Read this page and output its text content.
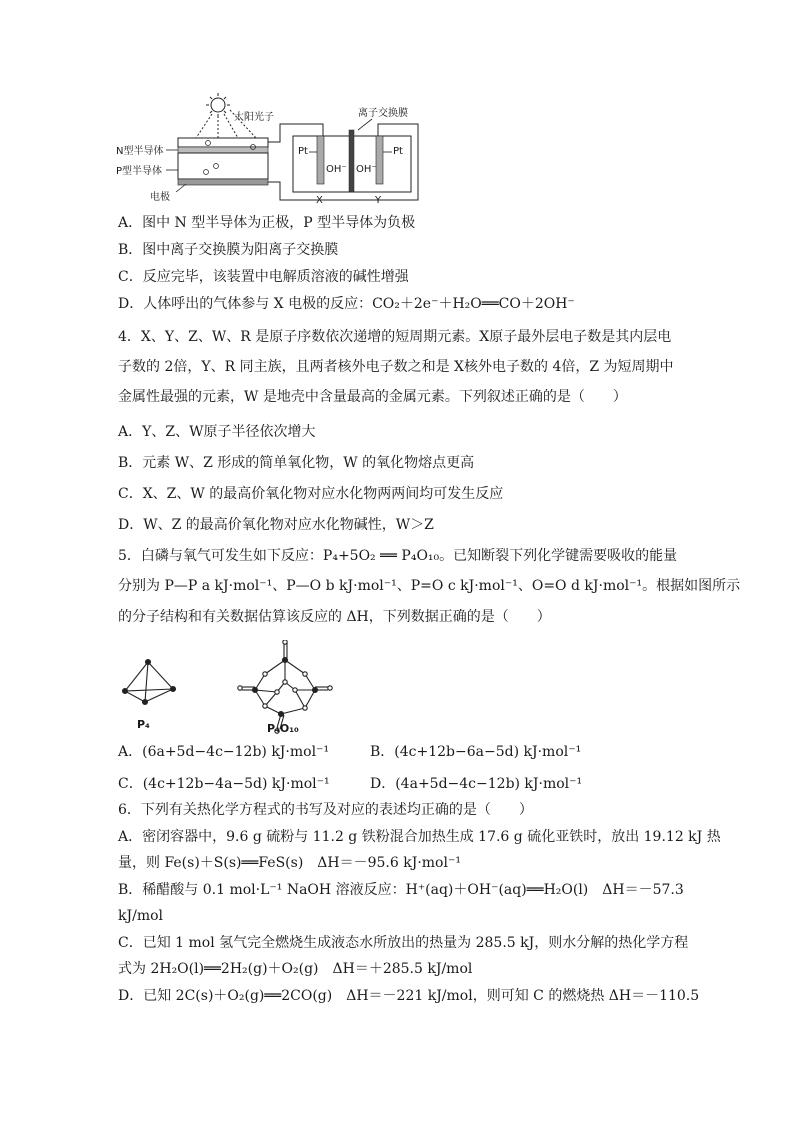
太阳光子	离子交换膜
N型半导体
P型半导体
电极
Pt	Pt
OH⁻ OH⁻
X	Y
A．图中 N 型半导体为正极，P 型半导体为负极
B．图中离子交换膜为阳离子交换膜
C．反应完毕，该装置中电解质溶液的碱性增强
D．人体呼出的气体参与 X 电极的反应：CO₂＋2e⁻＋H₂O══CO＋2OH⁻
4．X、Y、Z、W、R 是原子序数依次递增的短周期元素。X原子最外层电子数是其内层电
子数的 2倍，Y、R 同主族，且两者核外电子数之和是 X核外电子数的 4倍，Z 为短周期中
金属性最强的元素，W 是地壳中含量最高的金属元素。下列叙述正确的是（　　）
A．Y、Z、W原子半径依次增大
B．元素 W、Z 形成的简单氧化物，W 的氧化物熔点更高
C．X、Z、W 的最高价氧化物对应水化物两两间均可发生反应
D．W、Z 的最高价氧化物对应水化物碱性，W＞Z
5．白磷与氧气可发生如下反应：P₄+5O₂ ══ P₄O₁₀。已知断裂下列化学键需要吸收的能量
分别为 P—P a kJ·mol⁻¹、P—O b kJ·mol⁻¹、P=O c kJ·mol⁻¹、O=O d kJ·mol⁻¹。根据如图所示
的分子结构和有关数据估算该反应的 ΔH，下列数据正确的是（　　）
P₄	P₄O₁₀
A．(6a+5d−4c−12b) kJ·mol⁻¹	B．(4c+12b−6a−5d) kJ·mol⁻¹
C．(4c+12b−4a−5d) kJ·mol⁻¹	D．(4a+5d−4c−12b) kJ·mol⁻¹
6．下列有关热化学方程式的书写及对应的表述均正确的是（　　）
A．密闭容器中，9.6 g 硫粉与 11.2 g 铁粉混合加热生成 17.6 g 硫化亚铁时，放出 19.12 kJ 热
量，则 Fe(s)＋S(s)══FeS(s)　ΔH＝－95.6 kJ·mol⁻¹
B．稀醋酸与 0.1 mol·L⁻¹ NaOH 溶液反应：H⁺(aq)＋OH⁻(aq)══H₂O(l)　ΔH＝－57.3
kJ/mol
C．已知 1 mol 氢气完全燃烧生成液态水所放出的热量为 285.5 kJ，则水分解的热化学方程
式为 2H₂O(l)══2H₂(g)＋O₂(g)　ΔH＝＋285.5 kJ/mol
D．已知 2C(s)＋O₂(g)══2CO(g)　ΔH＝－221 kJ/mol，则可知 C 的燃烧热 ΔH＝－110.5
